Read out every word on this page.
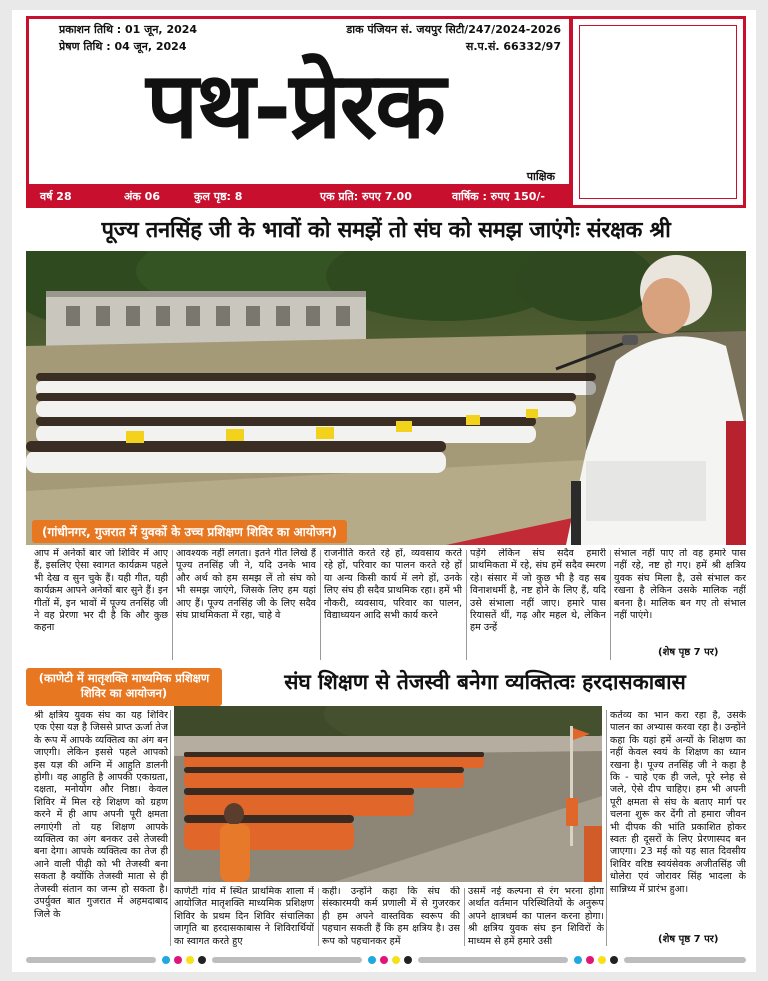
प्रकाशन तिथि : 01 जून, 2024
प्रेषण तिथि : 04 जून, 2024
डाक पंजियन सं. जयपुर सिटी/247/2024-2026
स.प.सं. 66332/97
पथ-प्रेरक
पाक्षिक
वर्ष 28	अंक 06	कुल पृष्ठ: 8	एक प्रति: रुपए 7.00	वार्षिक : रुपए 150/-
पूज्य तनसिंह जी के भावों को समझें तो संघ को समझ जाएंगेः संरक्षक श्री
(गांधीनगर, गुजरात में युवकों के उच्च प्रशिक्षण शिविर का आयोजन)
आप में अनेकों बार जो शिविर में आए हैं, इसलिए ऐसा स्वागत कार्यक्रम पहले भी देख व सुन चुके हैं। यही गीत, यही कार्यक्रम आपने अनेकों बार सुने हैं। इन गीतों में, इन भावों में पूज्य तनसिंह जी ने वह प्रेरणा भर दी है कि और कुछ कहना
आवश्यक नहीं लगता। इतने गीत लिखे हैं पूज्य तनसिंह जी ने, यदि उनके भाव और अर्थ को हम समझ लें तो संघ को भी समझ जाएंगे, जिसके लिए हम यहां आए हैं। पूज्य तनसिंह जी के लिए सदैव संघ प्राथमिकता में रहा, चाहे वे
राजनीति करते रहे हों, व्यवसाय करते रहे हों, परिवार का पालन करते रहे हों या अन्य किसी कार्य में लगे हों, उनके लिए संघ ही सदैव प्राथमिक रहा। हमें भी नौकरी, व्यवसाय, परिवार का पालन, विद्याध्ययन आदि सभी कार्य करने
पड़ेंगे लेकिन संघ सदैव हमारी प्राथमिकता में रहे, संघ हमें सदैव स्मरण रहे। संसार में जो कुछ भी है वह सब विनाशधर्मी है, नष्ट होने के लिए हैं, यदि उसे संभाला नहीं जाए। हमारे पास रियासतें थीं, गढ़ और महल थे, लेकिन हम उन्हें
संभाल नहीं पाए तो वह हमारे पास नहीं रहे, नष्ट हो गए। हमें श्री क्षत्रिय युवक संघ मिला है, उसे संभाल कर रखना है लेकिन उसके मालिक नहीं बनना है। मालिक बन गए तो संभाल नहीं पाएंगे।
(शेष पृष्ठ 7 पर)
(काणेटी में मातृशक्ति माध्यमिक प्रशिक्षण शिविर का आयोजन)	संघ शिक्षण से तेजस्वी बनेगा व्यक्तित्वः हरदासकाबास
श्री क्षत्रिय युवक संघ का यह शिविर एक ऐसा यज्ञ है जिससे प्राप्त ऊर्जा तेज के रूप में आपके व्यक्तित्व का अंग बन जाएगी। लेकिन इससे पहले आपको इस यज्ञ की अग्नि में आहुति डालनी होगी। वह आहुति है आपकी एकाग्रता, दक्षता, मनोयोग और निष्ठा। केवल शिविर में मिल रहे शिक्षण को ग्रहण करने में ही आप अपनी पूरी क्षमता लगाएंगी तो यह शिक्षण आपके व्यक्तित्व का अंग बनकर उसे तेजस्वी बना देगा। आपके व्यक्तित्व का तेज ही आने वाली पीढ़ी को भी तेजस्वी बना सकता है क्योंकि तेजस्वी माता से ही तेजस्वी संतान का जन्म हो सकता है। उपर्युक्त बात गुजरात में अहमदाबाद जिले के
कर्तव्य का भान करा रहा है, उसके पालन का अभ्यास करवा रहा है। उन्होंने कहा कि यहां हमें अन्यों के शिक्षण का नहीं केवल स्वयं के शिक्षण का ध्यान रखना है। पूज्य तनसिंह जी ने कहा है कि - चाहे एक ही जले, पूरे स्नेह से जले, ऐसे दीप चाहिए। हम भी अपनी पूरी क्षमता से संघ के बताए मार्ग पर चलना शुरू कर देंगी तो हमारा जीवन भी दीपक की भांति प्रकाशित होकर स्वतः ही दूसरों के लिए प्रेरणास्पद बन जाएगा। 23 मई को यह सात दिवसीय शिविर वरिष्ठ स्वयंसेवक अजीतसिंह जी धोलेरा एवं जोरावर सिंह भादला के सान्निध्य में प्रारंभ हुआ।
काणेटी गांव में स्थित प्राथमिक शाला में आयोजित मातृशक्ति माध्यमिक प्रशिक्षण शिविर के प्रथम दिन शिविर संचालिका जागृति बा हरदासकाबास ने शिविरार्थियों का स्वागत करते हुए
कही। उन्होंने कहा कि संघ की संस्कारमयी कर्म प्रणाली में से गुजरकर ही हम अपने वास्तविक स्वरूप की पहचान सकती हैं कि हम क्षत्रिय है। उस रूप को पहचानकर हमें
उसमें नई कल्पना से रंग भरना होगा अर्थात वर्तमान परिस्थितियों के अनुरूप अपने क्षात्रधर्म का पालन करना होगा। श्री क्षत्रिय युवक संघ इन शिविरों के माध्यम से हमें हमारे उसी	(शेष पृष्ठ 7 पर)
